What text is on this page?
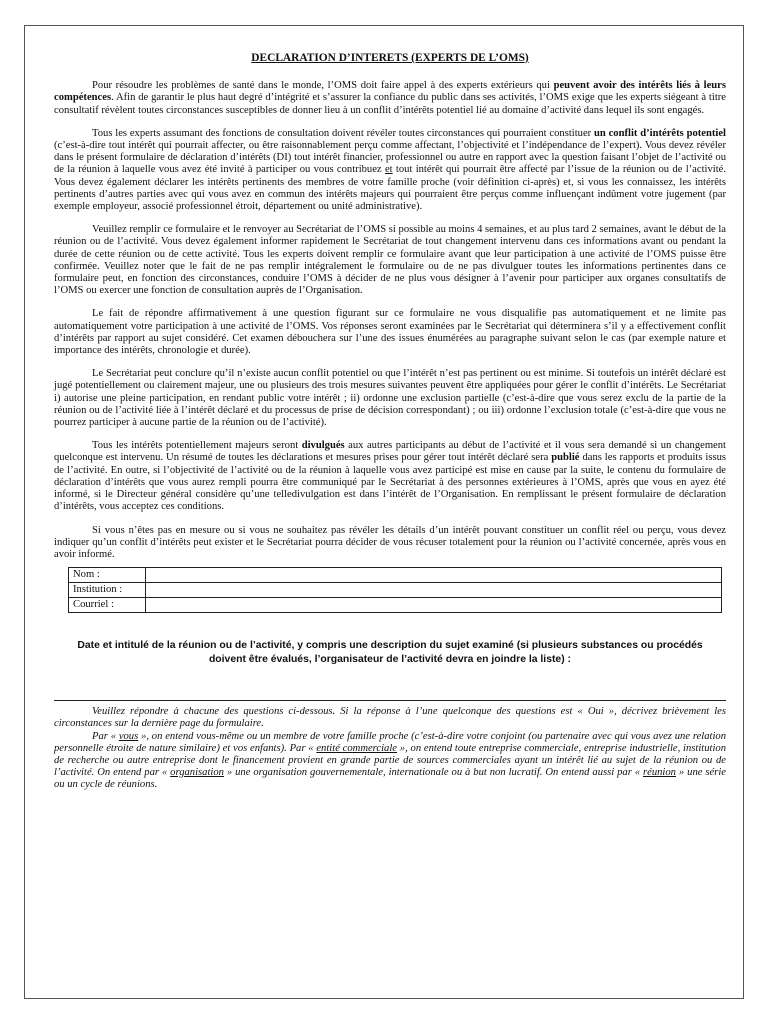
DECLARATION D’INTERETS (EXPERTS DE L’OMS)

Pour résoudre les problèmes de santé dans le monde, l’OMS doit faire appel à des experts extérieurs qui peuvent avoir des intérêts liés à leurs compétences. Afin de garantir le plus haut degré d’intégrité et s’assurer la confiance du public dans ses activités, l’OMS exige que les experts siégeant à titre consultatif révèlent toutes circonstances susceptibles de donner lieu à un conflit d’intérêts potentiel lié au domaine d’activité dans lequel ils sont engagés.

Tous les experts assumant des fonctions de consultation doivent révéler toutes circonstances qui pourraient constituer un conflit d’intérêts potentiel (c’est-à-dire tout intérêt qui pourrait affecter, ou être raisonnablement perçu comme affectant, l’objectivité et l’indépendance de l’expert). Vous devez révéler dans le présent formulaire de déclaration d’intérêts (DI) tout intérêt financier, professionnel ou autre en rapport avec la question faisant l’objet de l’activité ou de la réunion à laquelle vous avez été invité à participer ou vous contribuez et tout intérêt qui pourrait être affecté par l’issue de la réunion ou de l’activité. Vous devez également déclarer les intérêts pertinents des membres de votre famille proche (voir définition ci-après) et, si vous les connaissez, les intérêts pertinents d’autres parties avec qui vous avez en commun des intérêts majeurs qui pourraient être perçus comme influençant indûment votre jugement (par exemple employeur, associé professionnel étroit, département ou unité administrative).

Veuillez remplir ce formulaire et le renvoyer au Secrétariat de l’OMS si possible au moins 4 semaines, et au plus tard 2 semaines, avant le début de la réunion ou de l’activité. Vous devez également informer rapidement le Secrétariat de tout changement intervenu dans ces informations avant ou pendant la durée de cette réunion ou de cette activité. Tous les experts doivent remplir ce formulaire avant que leur participation à une activité de l’OMS puisse être confirmée. Veuillez noter que le fait de ne pas remplir intégralement le formulaire ou de ne pas divulguer toutes les informations pertinentes dans ce formulaire peut, en fonction des circonstances, conduire l’OMS à décider de ne plus vous désigner à l’avenir pour participer aux organes consultatifs de l’OMS ou exercer une fonction de consultation auprès de l’Organisation.

Le fait de répondre affirmativement à une question figurant sur ce formulaire ne vous disqualifie pas automatiquement et ne limite pas automatiquement votre participation à une activité de l’OMS. Vos réponses seront examinées par le Secrétariat qui déterminera s’il y a effectivement conflit d’intérêts par rapport au sujet considéré. Cet examen débouchera sur l’une des issues énumérées au paragraphe suivant selon le cas (par exemple nature et importance des intérêts, chronologie et durée).

Le Secrétariat peut conclure qu’il n’existe aucun conflit potentiel ou que l’intérêt n’est pas pertinent ou est minime. Si toutefois un intérêt déclaré est jugé potentiellement ou clairement majeur, une ou plusieurs des trois mesures suivantes peuvent être appliquées pour gérer le conflit d’intérêts. Le Secrétariat i) autorise une pleine participation, en rendant public votre intérêt ; ii) ordonne une exclusion partielle (c’est-à-dire que vous serez exclu de la partie de la réunion ou de l’activité liée à l’intérêt déclaré et du processus de prise de décision correspondant) ; ou iii) ordonne l’exclusion totale (c’est-à-dire que vous ne pourrez participer à aucune partie de la réunion ou de l’activité).

Tous les intérêts potentiellement majeurs seront divulgués aux autres participants au début de l’activité et il vous sera demandé si un changement quelconque est intervenu. Un résumé de toutes les déclarations et mesures prises pour gérer tout intérêt déclaré sera publié dans les rapports et produits issus de l’activité. En outre, si l’objectivité de l’activité ou de la réunion à laquelle vous avez participé est mise en cause par la suite, le contenu du formulaire de déclaration d’intérêts que vous aurez rempli pourra être communiqué par le Secrétariat à des personnes extérieures à l’OMS, après que vous en ayez été informé, si le Directeur général considère qu’une telledivulgation est dans l’intérêt de l’Organisation. En remplissant le présent formulaire de déclaration d’intérêts, vous acceptez ces conditions.

Si vous n’êtes pas en mesure ou si vous ne souhaitez pas révéler les détails d’un intérêt pouvant constituer un conflit réel ou perçu, vous devez indiquer qu’un conflit d’intérêts peut exister et le Secrétariat pourra décider de vous récuser totalement pour la réunion ou l’activité concernée, après vous en avoir informé.

Nom :	
Institution :	
Courriel :	
Date et intitulé de la réunion ou de l’activité, y compris une description du sujet examiné (si plusieurs substances ou procédés doivent être évalués, l’organisateur de l’activité devra en joindre la liste) :

Veuillez répondre à chacune des questions ci-dessous. Si la réponse à l’une quelconque des questions est « Oui », décrivez brièvement les circonstances sur la dernière page du formulaire.

Par « vous », on entend vous-même ou un membre de votre famille proche (c’est-à-dire votre conjoint (ou partenaire avec qui vous avez une relation personnelle étroite de nature similaire) et vos enfants). Par « entité commerciale », on entend toute entreprise commerciale, entreprise industrielle, institution de recherche ou autre entreprise dont le financement provient en grande partie de sources commerciales ayant un intérêt lié au sujet de la réunion ou de l’activité. On entend par « organisation » une organisation gouvernementale, internationale ou à but non lucratif. On entend aussi par « réunion » une série ou un cycle de réunions.
